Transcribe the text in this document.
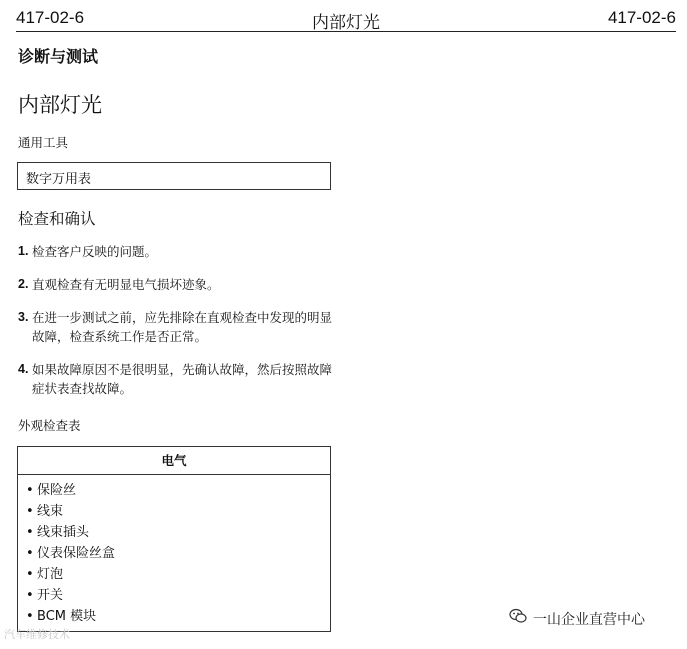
417-02-6	内部灯光	417-02-6
诊断与测试
内部灯光
通用工具
数字万用表
检查和确认
1. 检查客户反映的问题。
2. 直观检查有无明显电气损坏迹象。
3. 在进一步测试之前，应先排除在直观检查中发现的明显故障，检查系统工作是否正常。
4. 如果故障原因不是很明显，先确认故障，然后按照故障症状表查找故障。
外观检查表
电气
• 保险丝
• 线束
• 线束插头
• 仪表保险丝盒
• 灯泡
• 开关
• BCM 模块	一山企业直营中心
汽车维修技术
